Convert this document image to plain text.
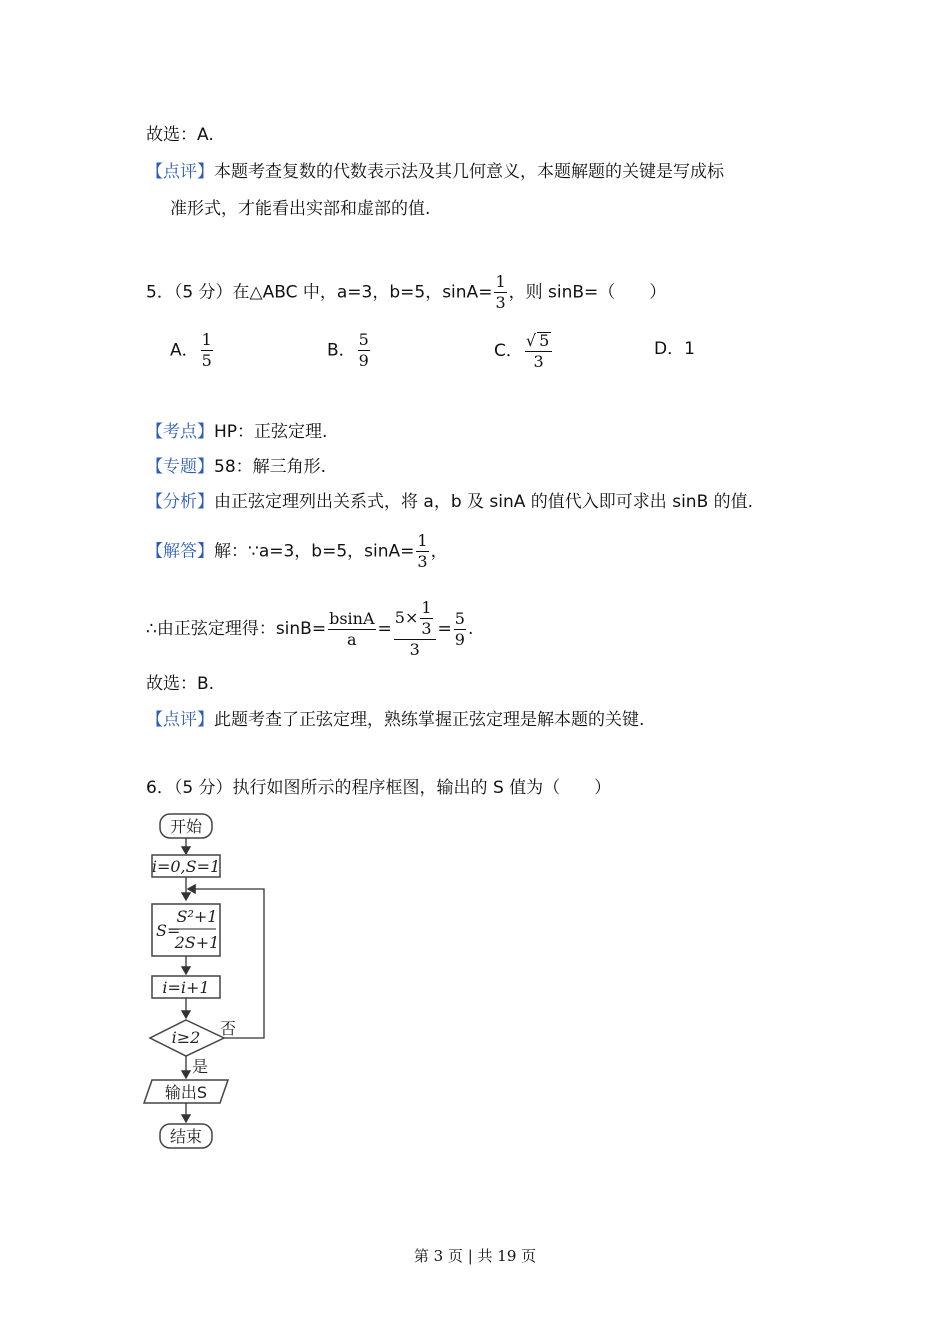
故选：A.
【点评】本题考查复数的代数表示法及其几何意义，本题解题的关键是写成标
准形式，才能看出实部和虚部的值.
5．（5 分）在△ABC 中，a=3，b=5，$\sin A= \frac{1}{3}$ ，则 sinB=（　　）
A． $\frac{1}{5}$	B． $\frac{5}{9}$	C． $\frac{√ 5}{3}$	D．1
【考点】HP：正弦定理.
【专题】58：解三角形.
【分析】由正弦定理列出关系式，将 a，b 及 sinA 的值代入即可求出 sinB 的值.
【解答】解：∵a=3，b=5，$\sin A= \frac{1}{3}$ ，
∴由正弦定理得：$\sin B= \frac{bsinA}{a} = \frac{5\times \frac{1}{3}}{3} = \frac{5}{9}$ .
故选：B.
【点评】此题考查了正弦定理，熟练掌握正弦定理是解本题的关键.
6．（5 分）执行如图所示的程序框图，输出的 S 值为（　　）
开始
i=0,S=1
S=
S²+1
2S+1
i=i+1
i≥2 否
是
输出S
结束
第 3 页 | 共 19 页
